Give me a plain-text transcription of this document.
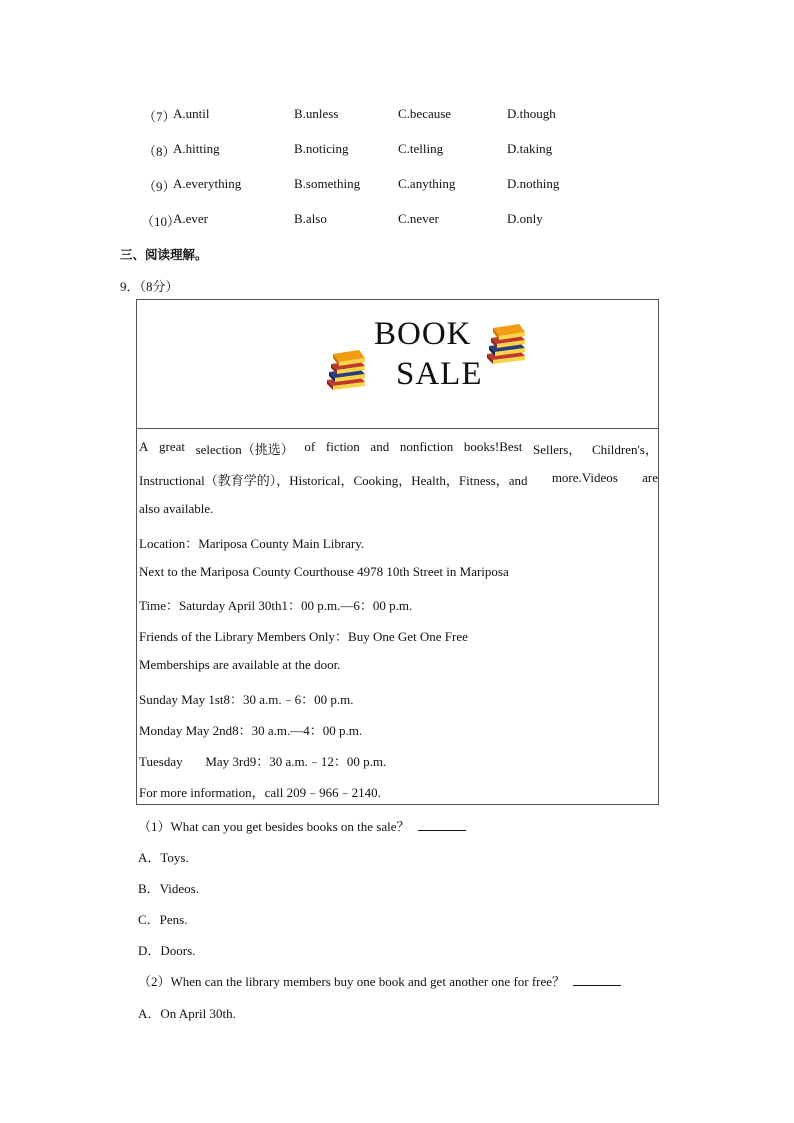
（7）
A.until	B.unless	C.because	D.though
（8）
A.hitting	B.noticing	C.telling	D.taking
（9）
A.everything	B.something	C.anything	D.nothing
（10）
A.ever	B.also	C.never	D.only
三、阅读理解。
9．（8分）
BOOK
SALE
A great selection（挑选） of fiction and nonfiction books!Best Sellers， Children's，
Instructional（教育学的），Historical，Cooking，Health，Fitness，and more.Videos are
also available.
Location：Mariposa County Main Library.
Next to the Mariposa County Courthouse 4978 10th Street in Mariposa
Time：Saturday April 30th1：00 p.m.—6：00 p.m.
Friends of the Library Members Only：Buy One Get One Free
Memberships are available at the door.
Sunday May 1st8：30 a.m.﹣6：00 p.m.
Monday May 2nd8：30 a.m.—4：00 p.m.
Tuesday       May 3rd9：30 a.m.﹣12：00 p.m.
For more information，call 209﹣966﹣2140.
（1）What can you get besides books on the sale？
A．Toys.
B．Videos.
C．Pens.
D．Doors.
（2）When can the library members buy one book and get another one for free？
A．On April 30th.
